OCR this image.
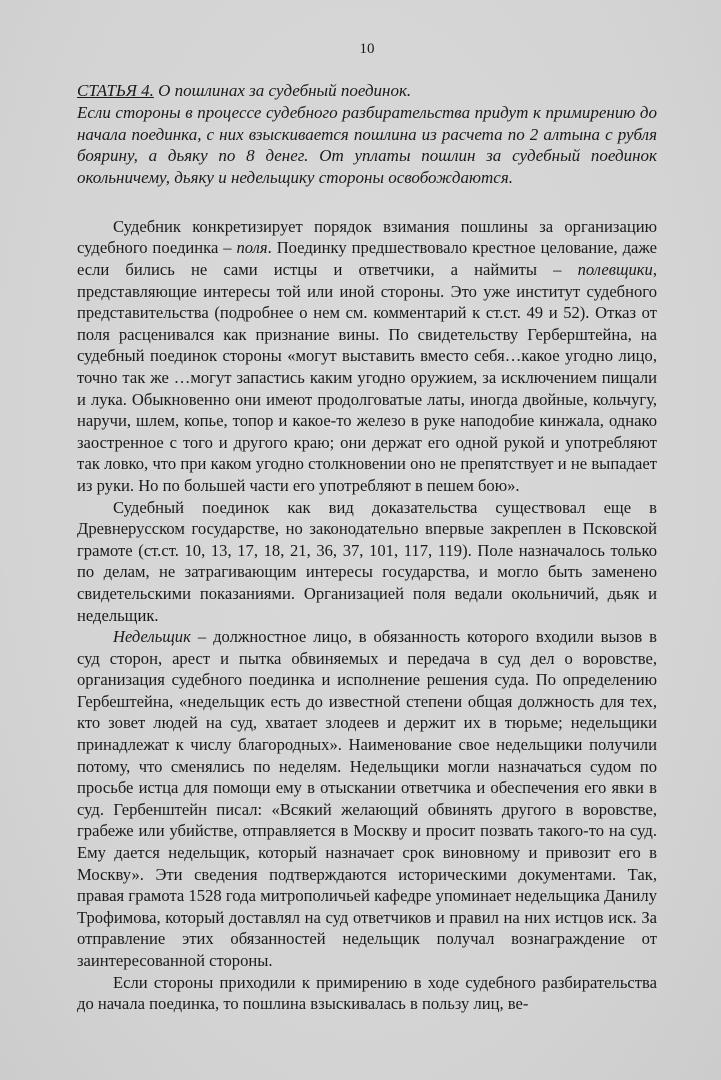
10
СТАТЬЯ 4. О пошлинах за судебный поединок.

Если стороны в процессе судебного разбирательства придут к примирению до начала поединка, с них взыскивается пошлина из расчета по 2 алтына с рубля боярину, а дьяку по 8 денег. От уплаты пошлин за судебный поединок окольничему, дьяку и недельщику стороны освобождаются.

Судебник конкретизирует порядок взимания пошлины за организацию судебного поединка – поля. Поединку предшествовало крестное целование, даже если бились не сами истцы и ответчики, а наймиты – полевщики, представляющие интересы той или иной стороны. Это уже институт судебного представительства (подробнее о нем см. комментарий к ст.ст. 49 и 52). Отказ от поля расценивался как признание вины. По свидетельству Герберштейна, на судебный поединок стороны «могут выставить вместо себя…какое угодно лицо, точно так же …могут запастись каким угодно оружием, за исключением пищали и лука. Обыкновенно они имеют продолговатые латы, иногда двойные, кольчугу, наручи, шлем, копье, топор и какое-то железо в руке наподобие кинжала, однако заостренное с того и другого краю; они держат его одной рукой и употребляют так ловко, что при каком угодно столкновении оно не препятствует и не выпадает из руки. Но по большей части его употребляют в пешем бою».

Судебный поединок как вид доказательства существовал еще в Древнерусском государстве, но законодательно впервые закреплен в Псковской грамоте (ст.ст. 10, 13, 17, 18, 21, 36, 37, 101, 117, 119). Поле назначалось только по делам, не затрагивающим интересы государства, и могло быть заменено свидетельскими показаниями. Организацией поля ведали окольничий, дьяк и недельщик.

Недельщик – должностное лицо, в обязанность которого входили вызов в суд сторон, арест и пытка обвиняемых и передача в суд дел о воровстве, организация судебного поединка и исполнение решения суда. По определению Гербештейна, «недельщик есть до известной степени общая должность для тех, кто зовет людей на суд, хватает злодеев и держит их в тюрьме; недельщики принадлежат к числу благородных». Наименование свое недельщики получили потому, что сменялись по неделям. Недельщики могли назначаться судом по просьбе истца для помощи ему в отыскании ответчика и обеспечения его явки в суд. Гербенштейн писал: «Всякий желающий обвинять другого в воровстве, грабеже или убийстве, отправляется в Москву и просит позвать такого-то на суд. Ему дается недельщик, который назначает срок виновному и привозит его в Москву». Эти сведения подтверждаются историческими документами. Так, правая грамота 1528 года митрополичьей кафедре упоминает недельщика Данилу Трофимова, который доставлял на суд ответчиков и правил на них истцов иск. За отправление этих обязанностей недельщик получал вознаграждение от заинтересованной стороны.

Если стороны приходили к примирению в ходе судебного разбирательства до начала поединка, то пошлина взыскивалась в пользу лиц, ве-
